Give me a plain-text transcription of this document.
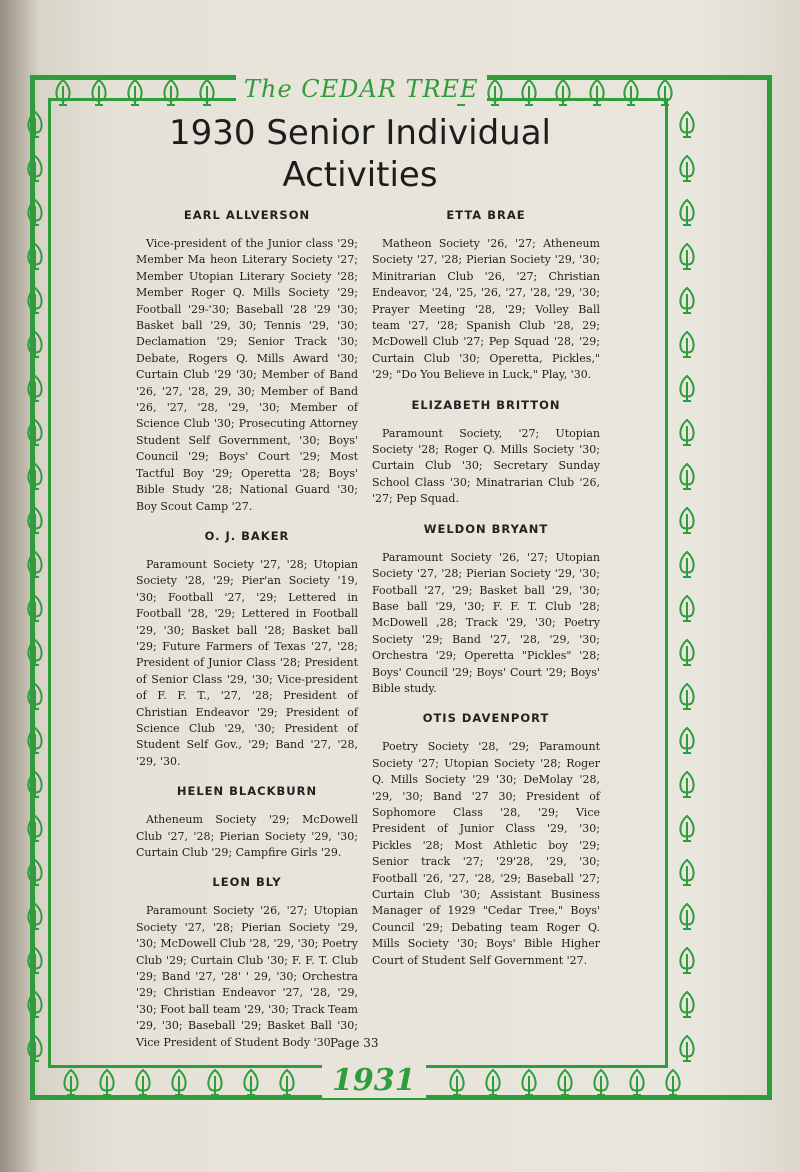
The CEDAR TREE
1931
1930 Senior Individual
Activities

EARL ALLVERSON

Vice-president of the Junior class '29; Member Ma heon Literary Society '27; Member Utopian Literary Society '28; Member Roger Q. Mills Society '29; Football '29-'30; Baseball '28 '29 '30; Basket ball '29, 30; Tennis '29, '30; Declamation '29; Senior Track '30; Debate, Rogers Q. Mills Award '30; Curtain Club '29 '30; Member of Band '26, '27, '28, 29, 30; Member of Band '26, '27, '28, '29, '30; Member of Science Club '30; Prosecuting Attorney Student Self Government, '30; Boys' Council '29; Boys' Court '29; Most Tactful Boy '29; Operetta '28; Boys' Bible Study '28; National Guard '30; Boy Scout Camp '27.

O. J. BAKER

Paramount Society '27, '28; Utopian Society '28, '29; Pier'an Society '19, '30; Football '27, '29; Lettered in Football '28, '29; Lettered in Football '29, '30; Basket ball '28; Basket ball '29; Future Farmers of Texas '27, '28; President of Junior Class '28; President of Senior Class '29, '30; Vice-president of F. F. T., '27, '28; President of Christian Endeavor '29; President of Science Club '29, '30; President of Student Self Gov., '29; Band '27, '28, '29, '30.

HELEN BLACKBURN

Atheneum Society '29; McDowell Club '27, '28; Pierian Society '29, '30; Curtain Club '29; Campfire Girls '29.

LEON BLY

Paramount Society '26, '27; Utopian Society '27, '28; Pierian Society '29, '30; McDowell Club '28, '29, '30; Poetry Club '29; Curtain Club '30; F. F. T. Club '29; Band '27, '28' ' 29, '30; Orchestra '29; Christian Endeavor '27, '28, '29, '30; Foot ball team '29, '30; Track Team '29, '30; Baseball '29; Basket Ball '30; Vice President of Student Body '30.

ETTA BRAE

Matheon Society '26, '27; Atheneum Society '27, '28; Pierian Society '29, '30; Minitrarian Club '26, '27; Christian Endeavor, '24, '25, '26, '27, '28, '29, '30; Prayer Meeting '28, '29; Volley Ball team '27, '28; Spanish Club '28, 29; McDowell Club '27; Pep Squad '28, '29; Curtain Club '30; Operetta, Pickles," '29; "Do You Believe in Luck," Play, '30.

ELIZABETH BRITTON

Paramount Society, '27; Utopian Society '28; Roger Q. Mills Society '30; Curtain Club '30; Secretary Sunday School Class '30; Minatrarian Club '26, '27; Pep Squad.

WELDON BRYANT

Paramount Society '26, '27; Utopian Society '27, '28; Pierian Society '29, '30; Football '27, '29; Basket ball '29, '30; Base ball '29, '30; F. F. T. Club '28; McDowell ,28; Track '29, '30; Poetry Society '29; Band '27, '28, '29, '30; Orchestra '29; Operetta "Pickles" '28; Boys' Council '29; Boys' Court '29; Boys' Bible study.

OTIS DAVENPORT

Poetry Society '28, '29; Paramount Society '27; Utopian Society '28; Roger Q. Mills Society '29 '30; DeMolay '28, '29, '30; Band '27 30; President of Sophomore Class '28, '29; Vice President of Junior Class '29, '30; Pickles '28; Most Athletic boy '29; Senior track '27; '29'28, '29, '30; Football '26, '27, '28, '29; Baseball '27; Curtain Club '30; Assistant Business Manager of 1929 "Cedar Tree," Boys' Council '29; Debating team Roger Q. Mills Society '30; Boys' Bible Higher Court of Student Self Government '27.

Page 33
